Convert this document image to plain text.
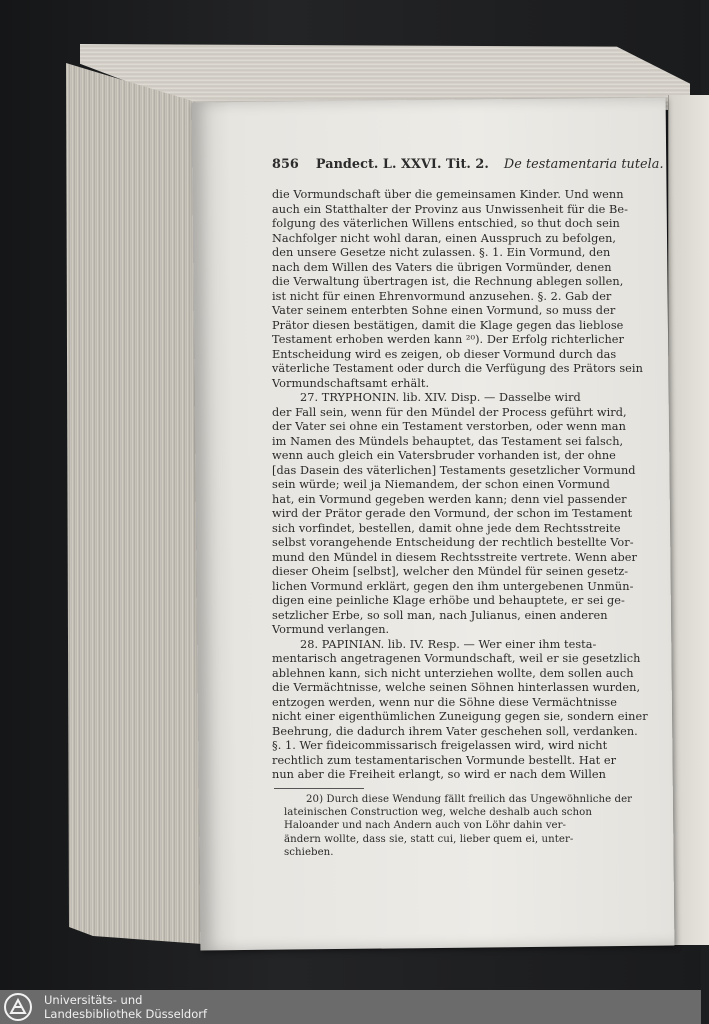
856 Pandect. L. XXVI. Tit. 2. De testamentaria tutela.
die Vormundschaft über die gemeinsamen Kinder. Und wenn
auch ein Statthalter der Provinz aus Unwissenheit für die Be-
folgung des väterlichen Willens entschied, so thut doch sein
Nachfolger nicht wohl daran, einen Ausspruch zu befolgen,
den unsere Gesetze nicht zulassen. §. 1. Ein Vormund, den
nach dem Willen des Vaters die übrigen Vormünder, denen
die Verwaltung übertragen ist, die Rechnung ablegen sollen,
ist nicht für einen Ehrenvormund anzusehen. §. 2. Gab der
Vater seinem enterbten Sohne einen Vormund, so muss der
Prätor diesen bestätigen, damit die Klage gegen das lieblose
Testament erhoben werden kann ²⁰). Der Erfolg richterlicher
Entscheidung wird es zeigen, ob dieser Vormund durch das
väterliche Testament oder durch die Verfügung des Prätors sein
Vormundschaftsamt erhält.
27. TRYPHONIN. lib. XIV. Disp. — Dasselbe wird
der Fall sein, wenn für den Mündel der Process geführt wird,
der Vater sei ohne ein Testament verstorben, oder wenn man
im Namen des Mündels behauptet, das Testament sei falsch,
wenn auch gleich ein Vatersbruder vorhanden ist, der ohne
[das Dasein des väterlichen] Testaments gesetzlicher Vormund
sein würde; weil ja Niemandem, der schon einen Vormund
hat, ein Vormund gegeben werden kann; denn viel passender
wird der Prätor gerade den Vormund, der schon im Testament
sich vorfindet, bestellen, damit ohne jede dem Rechtsstreite
selbst vorangehende Entscheidung der rechtlich bestellte Vor-
mund den Mündel in diesem Rechtsstreite vertrete. Wenn aber
dieser Oheim [selbst], welcher den Mündel für seinen gesetz-
lichen Vormund erklärt, gegen den ihm untergebenen Unmün-
digen eine peinliche Klage erhöbe und behauptete, er sei ge-
setzlicher Erbe, so soll man, nach Julianus, einen anderen
Vormund verlangen.
28. PAPINIAN. lib. IV. Resp. — Wer einer ihm testa-
mentarisch angetragenen Vormundschaft, weil er sie gesetzlich
ablehnen kann, sich nicht unterziehen wollte, dem sollen auch
die Vermächtnisse, welche seinen Söhnen hinterlassen wurden,
entzogen werden, wenn nur die Söhne diese Vermächtnisse
nicht einer eigenthümlichen Zuneigung gegen sie, sondern einer
Beehrung, die dadurch ihrem Vater geschehen soll, verdanken.
§. 1. Wer fideicommissarisch freigelassen wird, wird nicht
rechtlich zum testamentarischen Vormunde bestellt. Hat er
nun aber die Freiheit erlangt, so wird er nach dem Willen
20) Durch diese Wendung fällt freilich das Ungewöhnliche der
lateinischen Construction weg, welche deshalb auch schon
Haloander und nach Andern auch von Löhr dahin ver-
ändern wollte, dass sie, statt cui, lieber quem ei, unter-
schieben.
Universitäts- und
Landesbibliothek Düsseldorf
